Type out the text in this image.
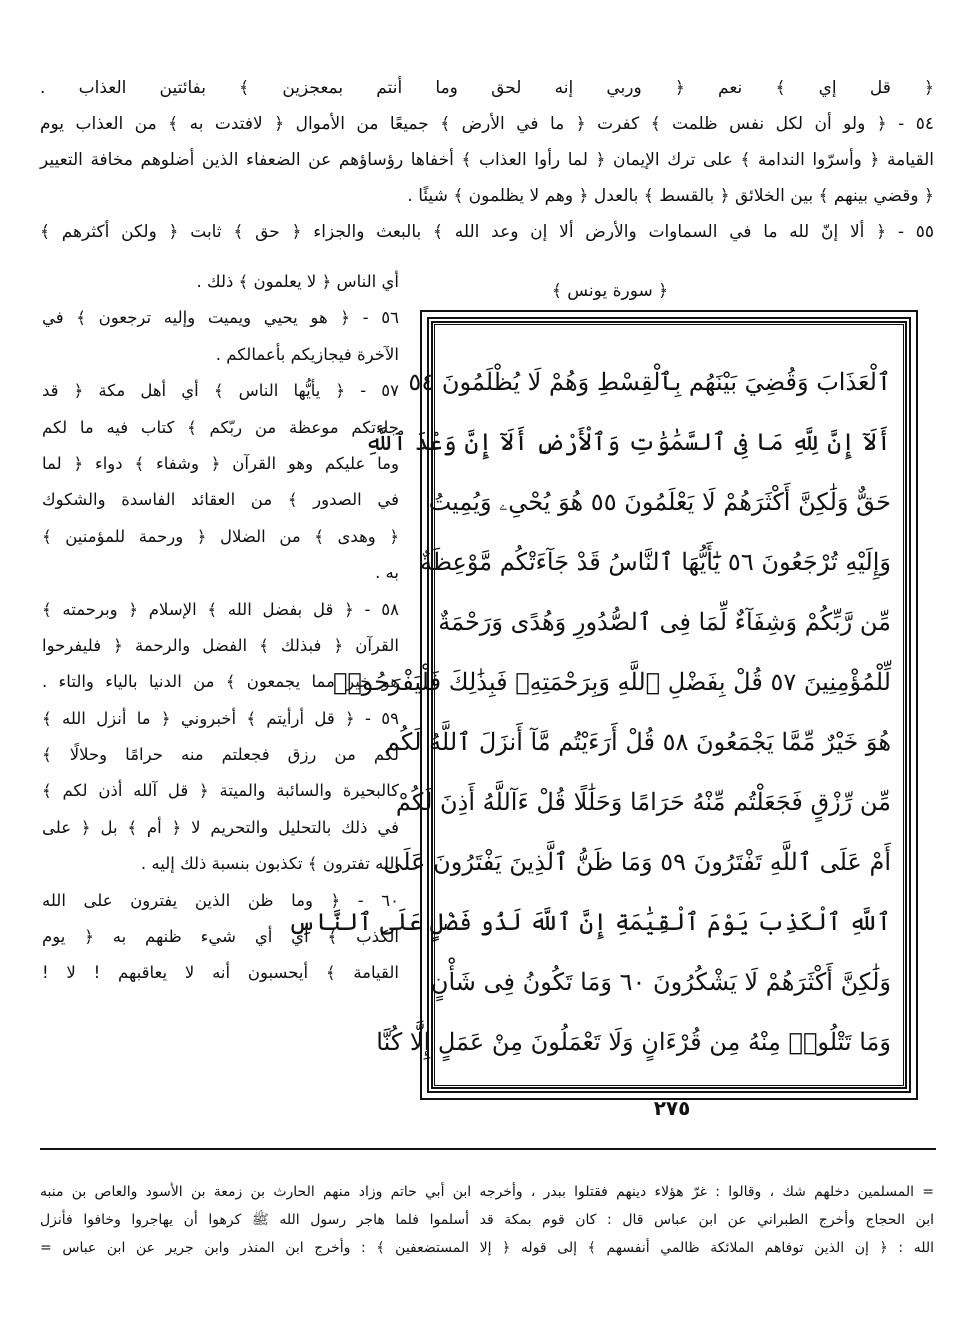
﴿ قل إي ﴾ نعم ﴿ وربي إنه لحق وما أنتم بمعجزين ﴾ بفائتين العذاب .
٥٤ - ﴿ ولو أن لكل نفس ظلمت ﴾ كفرت ﴿ ما في الأرض ﴾ جميعًا من الأموال ﴿ لافتدت به ﴾ من العذاب يوم
القيامة ﴿ وأسرّوا الندامة ﴾ على ترك الإيمان ﴿ لما رأوا العذاب ﴾ أخفاها رؤساؤهم عن الضعفاء الذين أضلوهم مخافة التعيير
﴿ وقضي بينهم ﴾ بين الخلائق ﴿ بالقسط ﴾ بالعدل ﴿ وهم لا يظلمون ﴾ شيئًا .
٥٥ - ﴿ ألا إنّ لله ما في السماوات والأرض ألا إن وعد الله ﴾ بالبعث والجزاء ﴿ حق ﴾ ثابت ﴿ ولكن أكثرهم ﴾
﴿ سورة يونس ﴾
أي الناس ﴿ لا يعلمون ﴾ ذلك .
٥٦ - ﴿ هو يحيي ويميت وإليه ترجعون ﴾ في
الآخرة فيجازيكم بأعمالكم .
٥٧ - ﴿ يأيُّها الناس ﴾ أي أهل مكة ﴿ قد
جاءتكم موعظة من ربّكم ﴾ كتاب فيه ما لكم
وما عليكم وهو القرآن ﴿ وشفاء ﴾ دواء ﴿ لما
في الصدور ﴾ من العقائد الفاسدة والشكوك
﴿ وهدى ﴾ من الضلال ﴿ ورحمة للمؤمنين ﴾
به .
٥٨ - ﴿ قل بفضل الله ﴾ الإسلام ﴿ وبرحمته ﴾
القرآن ﴿ فبذلك ﴾ الفضل والرحمة ﴿ فليفرحوا
هو خير مما يجمعون ﴾ من الدنيا بالياء والتاء .
٥٩ - ﴿ قل أرأيتم ﴾ أخبروني ﴿ ما أنزل الله ﴾
لكم من رزق فجعلتم منه حرامًا وحلالًا ﴾
كالبحيرة والسائبة والميتة ﴿ قل آلله أذن لكم ﴾
في ذلك بالتحليل والتحريم لا ﴿ أم ﴾ بل ﴿ على
الله تفترون ﴾ تكذبون بنسبة ذلك إليه .
٦٠ - ﴿ وما ظن الذين يفترون على الله
الكذب ﴾ أي أي شيء ظنهم به ﴿ يوم
القيامة ﴾ أيحسبون أنه لا يعاقبهم ! لا !
ٱلْعَذَابَ وَقُضِيَ بَيْنَهُم بِٱلْقِسْطِ وَهُمْ لَا يُظْلَمُونَ ٥٤
أَلَآ إِنَّ لِلَّهِ مَا فِى ٱلسَّمَٰوَٰتِ وَٱلْأَرْضِ أَلَآ إِنَّ وَعْدَ ٱللَّهِ
حَقٌّ وَلَٰكِنَّ أَكْثَرَهُمْ لَا يَعْلَمُونَ ٥٥ هُوَ يُحْىِۦ وَيُمِيتُ
وَإِلَيْهِ تُرْجَعُونَ ٥٦ يَٰٓأَيُّهَا ٱلنَّاسُ قَدْ جَآءَتْكُم مَّوْعِظَةٌ
مِّن رَّبِّكُمْ وَشِفَآءٌ لِّمَا فِى ٱلصُّدُورِ وَهُدًى وَرَحْمَةٌ
لِّلْمُؤْمِنِينَ ٥٧ قُلْ بِفَضْلِ ٱللَّهِ وَبِرَحْمَتِهِۦ فَبِذَٰلِكَ فَلْيَفْرَحُوا۟
هُوَ خَيْرٌ مِّمَّا يَجْمَعُونَ ٥٨ قُلْ أَرَءَيْتُم مَّآ أَنزَلَ ٱللَّهُ لَكُم
مِّن رِّزْقٍ فَجَعَلْتُم مِّنْهُ حَرَامًا وَحَلَٰلًا قُلْ ءَآللَّهُ أَذِنَ لَكُمْ
أَمْ عَلَى ٱللَّهِ تَفْتَرُونَ ٥٩ وَمَا ظَنُّ ٱلَّذِينَ يَفْتَرُونَ عَلَى
ٱللَّهِ ٱلْكَذِبَ يَوْمَ ٱلْقِيَٰمَةِ إِنَّ ٱللَّهَ لَذُو فَضْلٍ عَلَى ٱلنَّاسِ
وَلَٰكِنَّ أَكْثَرَهُمْ لَا يَشْكُرُونَ ٦٠ وَمَا تَكُونُ فِى شَأْنٍ
وَمَا تَتْلُوا۟ مِنْهُ مِن قُرْءَانٍ وَلَا تَعْمَلُونَ مِنْ عَمَلٍ إِلَّا كُنَّا
٢٧٥
= المسلمين دخلهم شك ، وقالوا : غرّ هؤلاء دينهم فقتلوا ببدر ، وأخرجه ابن أبي حاتم وزاد منهم الحارث بن زمعة بن الأسود والعاص بن منبه
ابن الحجاج وأخرج الطبراني عن ابن عباس قال : كان قوم بمكة قد أسلموا فلما هاجر رسول الله ﷺ كرهوا أن يهاجروا وخافوا فأنزل
الله : ﴿ إن الذين توفاهم الملائكة ظالمي أنفسهم ﴾ إلى قوله ﴿ إلا المستضعفين ﴾ : وأخرج ابن المنذر وابن جرير عن ابن عباس =
